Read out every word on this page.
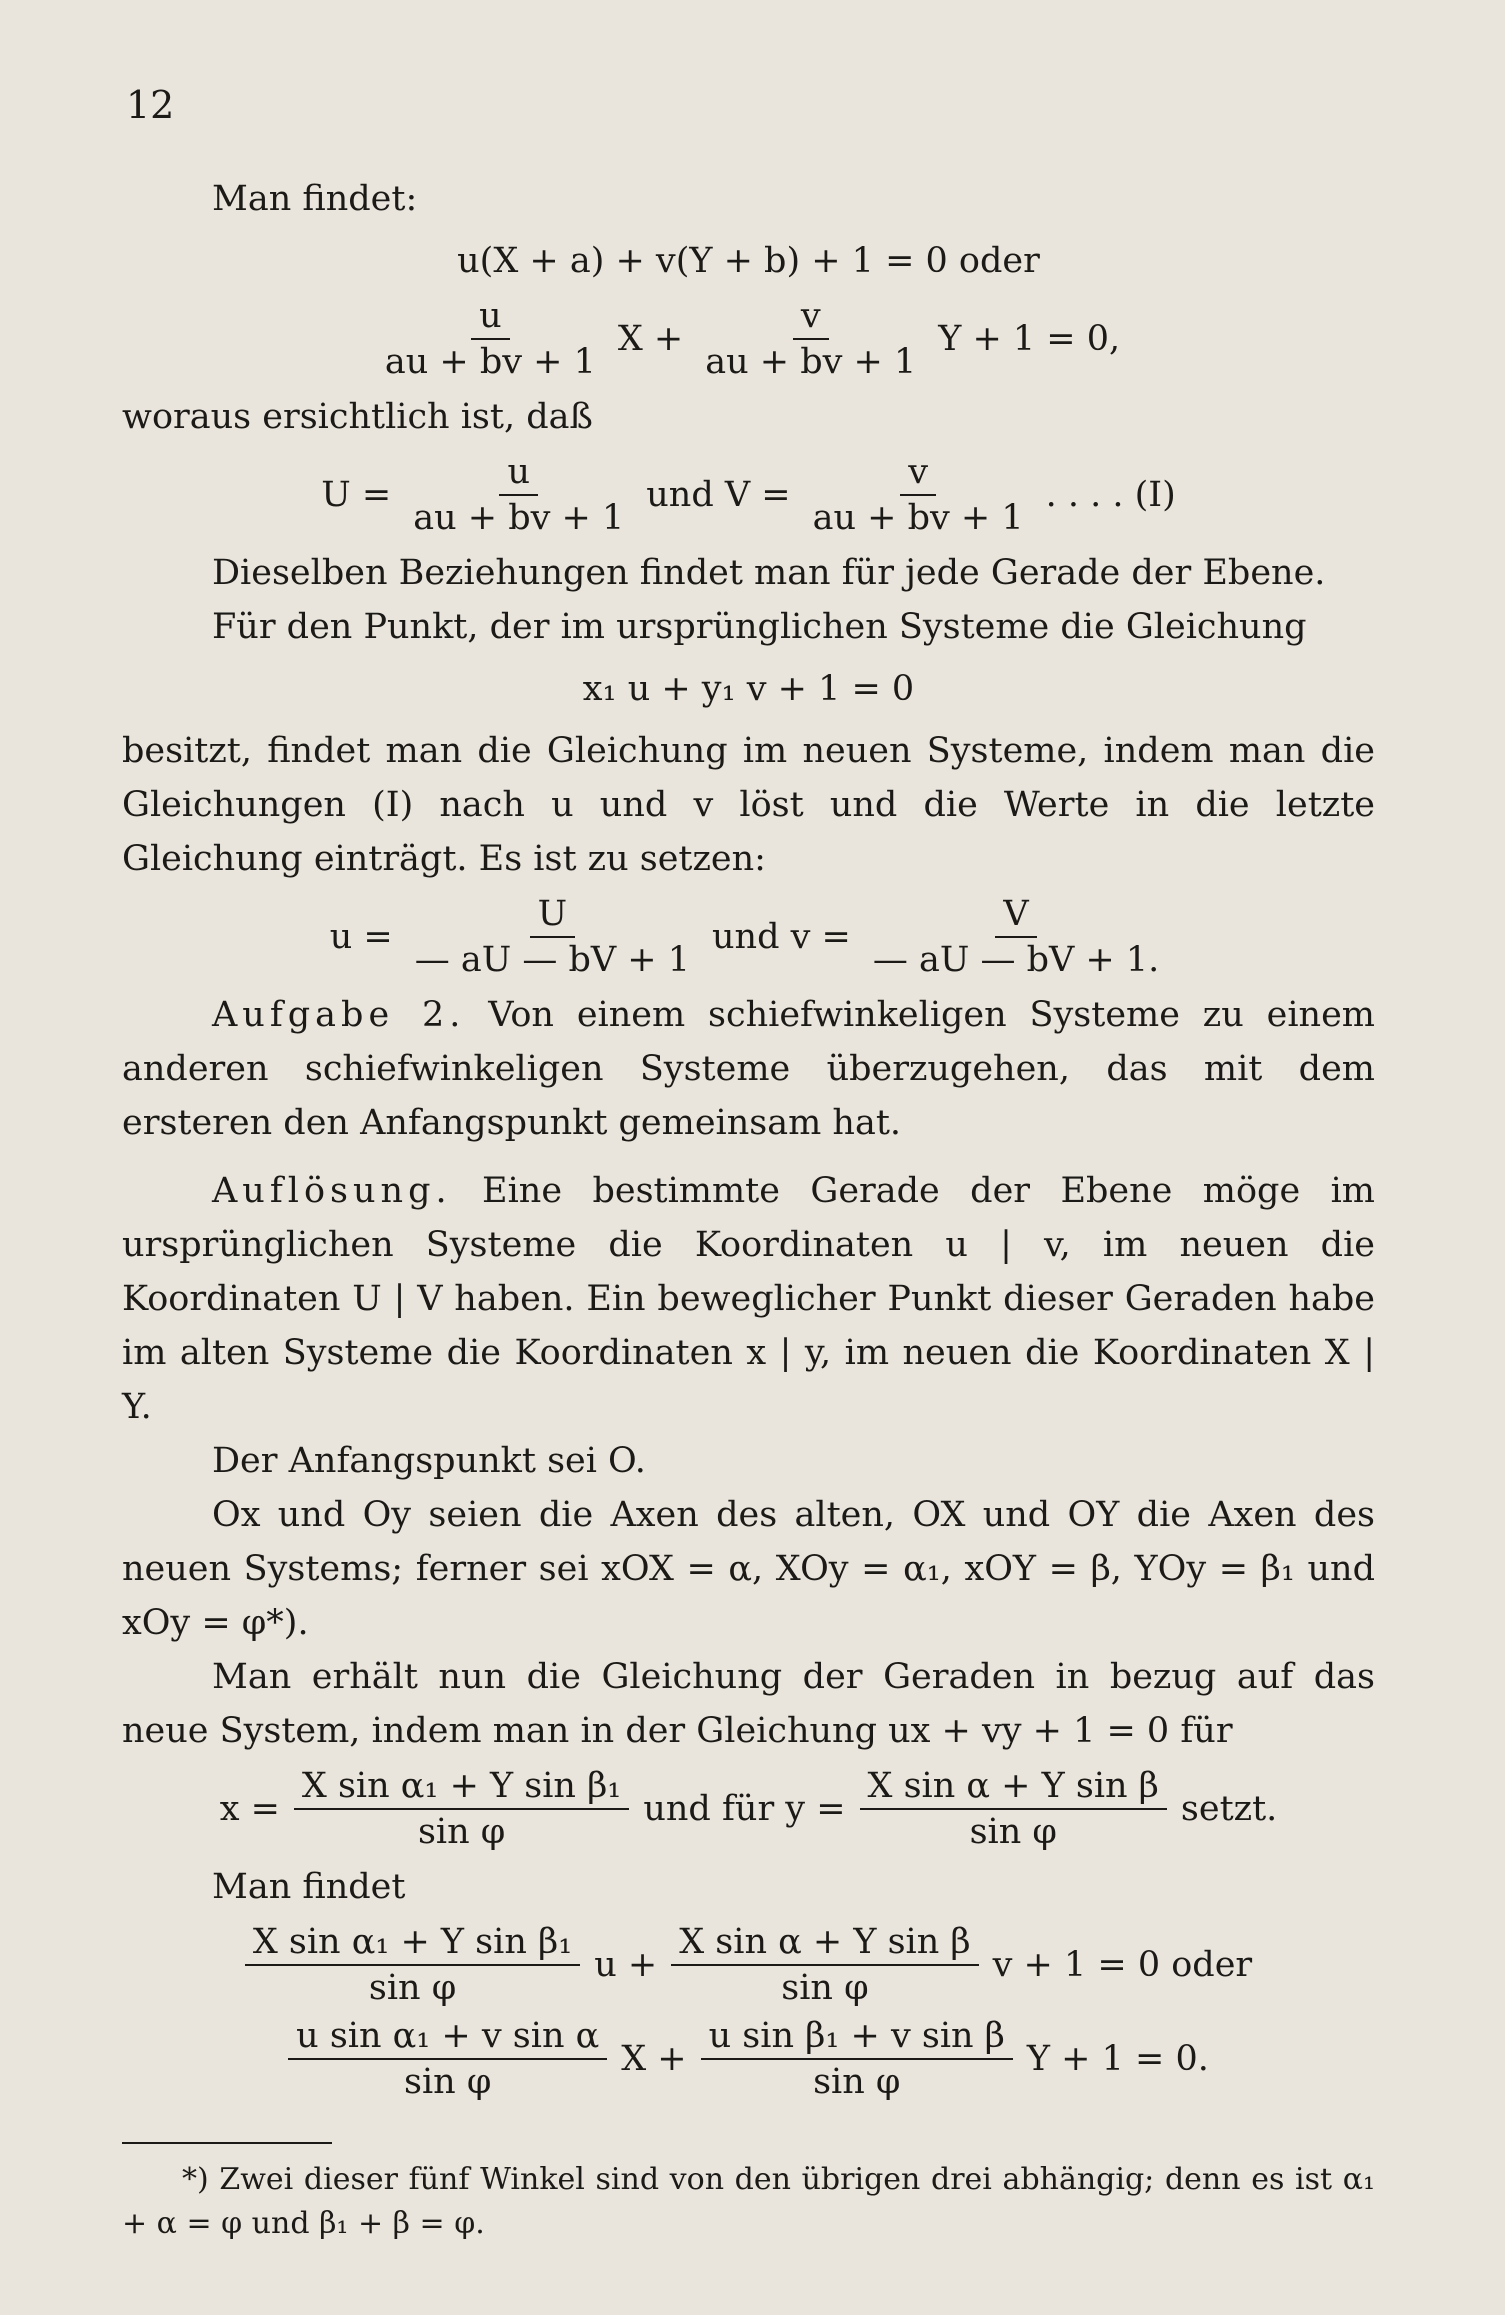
12

Man findet:

u(X + a) + v(Y + b) + 1 = 0 oder
$\frac{u}{au + bv + 1}$ $X + \frac{v}{au + bv + 1}$ Y + 1 = 0,

woraus ersichtlich ist, daß

$U = \frac{u}{au + bv + 1}$ und $V = \frac{v}{au + bv + 1}$ . . . . (I)

Dieselben Beziehungen findet man für jede Gerade der Ebene.

Für den Punkt, der im ursprünglichen Systeme die Gleichung

x₁ u + y₁ v + 1 = 0

besitzt, findet man die Gleichung im neuen Systeme, indem man die Gleichungen (I) nach u und v löst und die Werte in die letzte Gleichung einträgt. Es ist zu setzen:

$u = \frac{U}{— aU — bV + 1}$ und $v = \frac{V}{— aU — bV + 1.}$

Aufgabe 2. Von einem schiefwinkeligen Systeme zu einem anderen schiefwinkeligen Systeme überzugehen, das mit dem ersteren den Anfangspunkt gemeinsam hat.

Auflösung. Eine bestimmte Gerade der Ebene möge im ursprünglichen Systeme die Koordinaten u | v, im neuen die Koordinaten U | V haben. Ein beweglicher Punkt dieser Geraden habe im alten Systeme die Koordinaten x | y, im neuen die Koordinaten X | Y.

Der Anfangspunkt sei O.

Ox und Oy seien die Axen des alten, OX und OY die Axen des neuen Systems; ferner sei xOX = α, XOy = α₁, xOY = β, YOy = β₁ und xOy = φ*).

Man erhält nun die Gleichung der Geraden in bezug auf das neue System, indem man in der Gleichung ux + vy + 1 = 0 für

$x = \frac{\text{X sin α₁ + Y sin β₁}}{\text{sin φ}}$ und für $y = \frac{\text{X sin α + Y sin β}}{\text{sin φ}}$ setzt.

Man findet

$\frac{\text{X sin α₁ + Y sin β₁}}{\text{sin φ}}$ $u + \frac{\text{X sin α + Y sin β}}{\text{sin φ}}$ v + 1 = 0 oder
$\frac{\text{u sin α₁ + v sin α}}{\text{sin φ}}$ $X + \frac{\text{u sin β₁ + v sin β}}{\text{sin φ}}$ Y + 1 = 0.

*) Zwei dieser fünf Winkel sind von den übrigen drei abhängig; denn es ist α₁ + α = φ und β₁ + β = φ.
